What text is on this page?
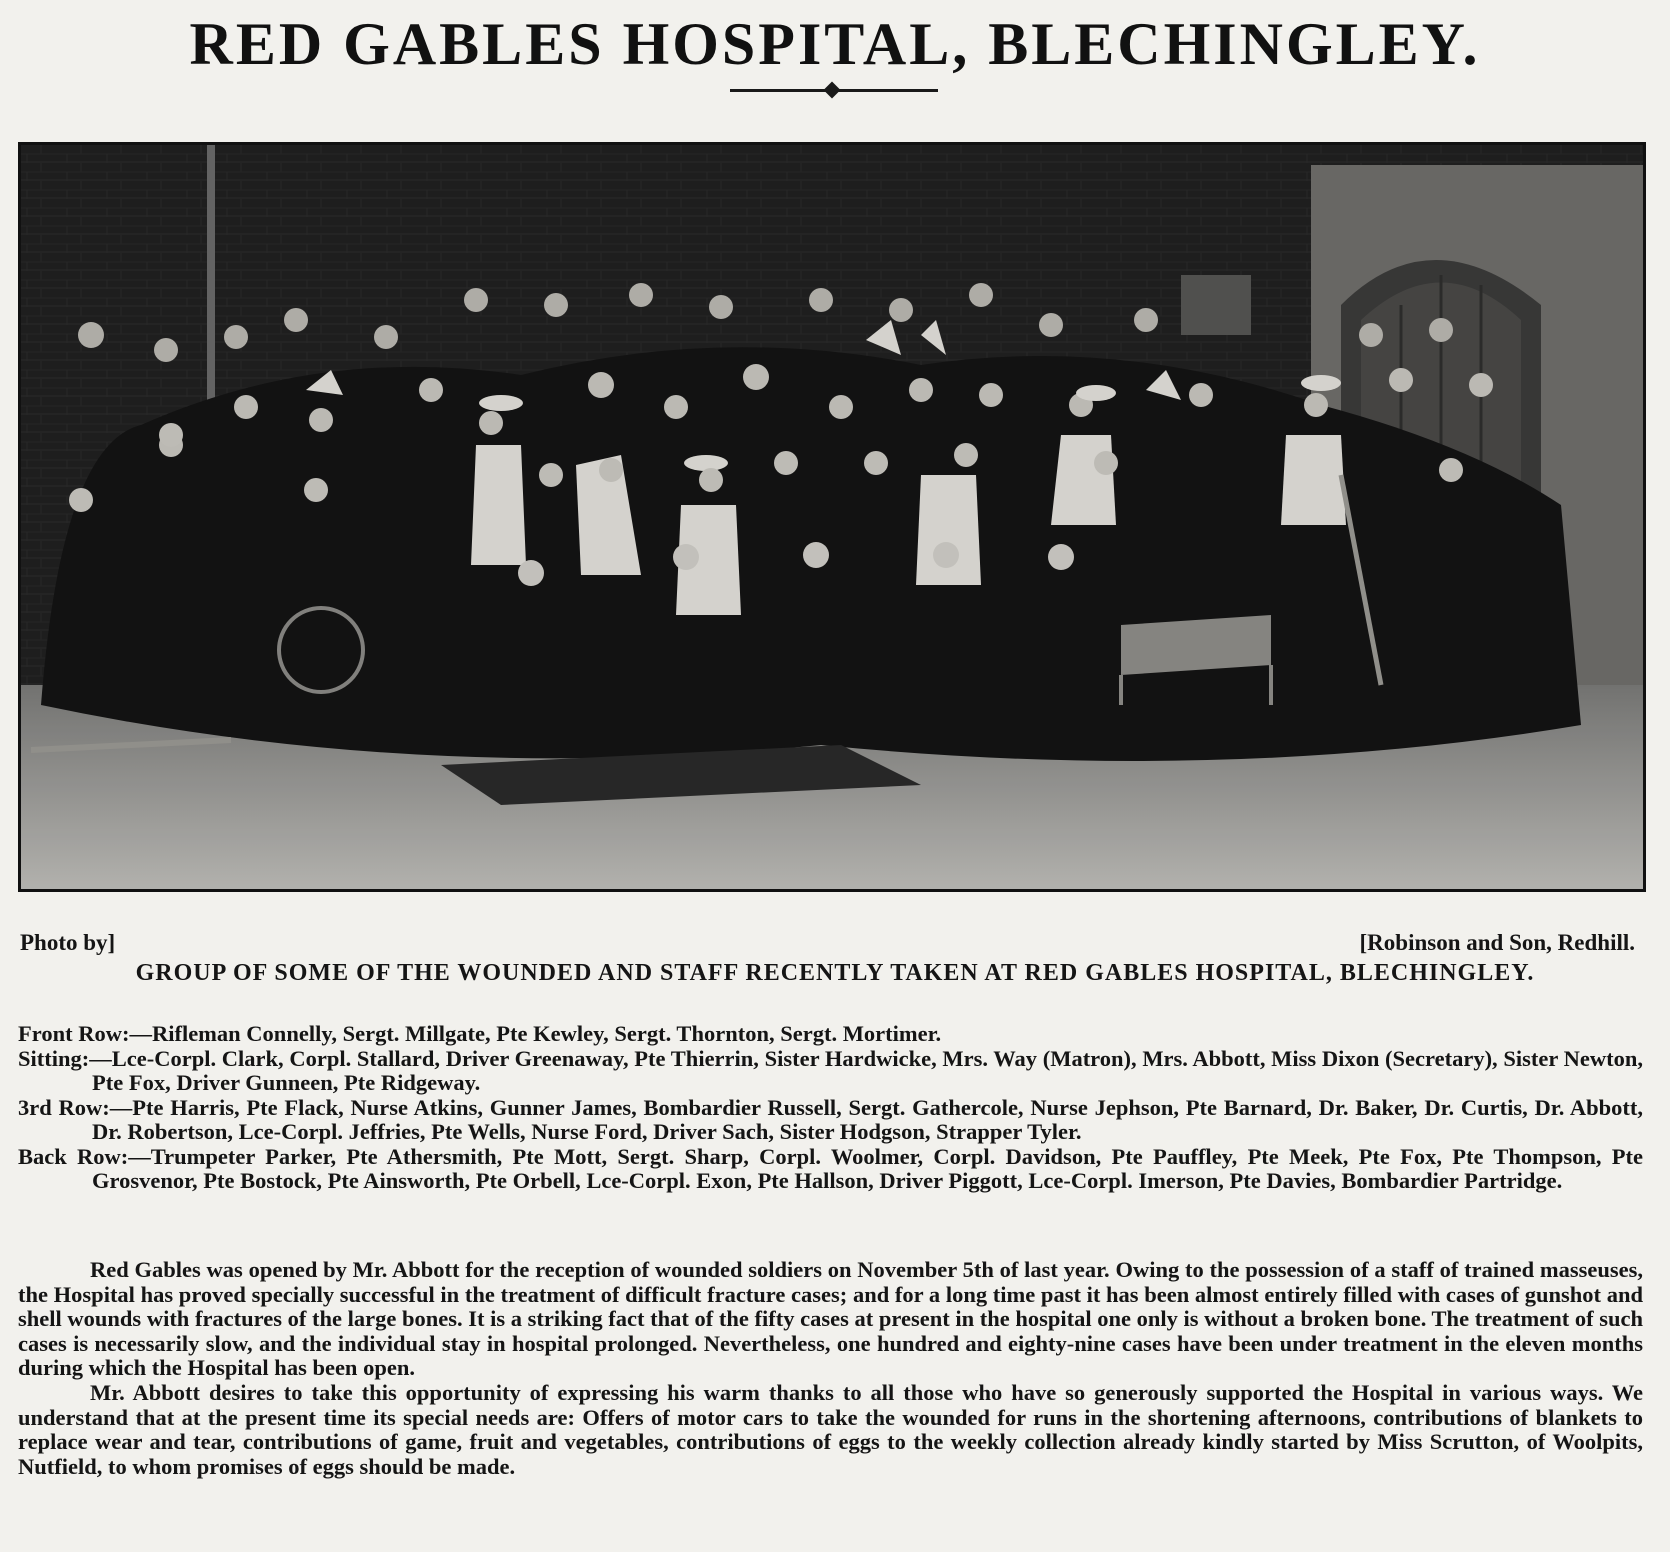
RED GABLES HOSPITAL, BLECHINGLEY.
Photo by]	[Robinson and Son, Redhill.
GROUP OF SOME OF THE WOUNDED AND STAFF RECENTLY TAKEN AT RED GABLES HOSPITAL, BLECHINGLEY.

Front Row:—Rifleman Connelly, Sergt. Millgate, Pte Kewley, Sergt. Thornton, Sergt. Mortimer.

Sitting:—Lce-Corpl. Clark, Corpl. Stallard, Driver Greenaway, Pte Thierrin, Sister Hardwicke, Mrs. Way (Matron), Mrs. Abbott, Miss Dixon (Secretary), Sister Newton, Pte Fox, Driver Gunneen, Pte Ridgeway.

3rd Row:—Pte Harris, Pte Flack, Nurse Atkins, Gunner James, Bombardier Russell, Sergt. Gathercole, Nurse Jephson, Pte Barnard, Dr. Baker, Dr. Curtis, Dr. Abbott, Dr. Robertson, Lce-Corpl. Jeffries, Pte Wells, Nurse Ford, Driver Sach, Sister Hodgson, Strapper Tyler.

Back Row:—Trumpeter Parker, Pte Athersmith, Pte Mott, Sergt. Sharp, Corpl. Woolmer, Corpl. Davidson, Pte Pauffley, Pte Meek, Pte Fox, Pte Thompson, Pte Grosvenor, Pte Bostock, Pte Ainsworth, Pte Orbell, Lce-Corpl. Exon, Pte Hallson, Driver Piggott, Lce-Corpl. Imerson, Pte Davies, Bombardier Partridge.

Red Gables was opened by Mr. Abbott for the reception of wounded soldiers on November 5th of last year. Owing to the possession of a staff of trained masseuses, the Hospital has proved specially successful in the treatment of difficult fracture cases; and for a long time past it has been almost entirely filled with cases of gunshot and shell wounds with fractures of the large bones. It is a striking fact that of the fifty cases at present in the hospital one only is without a broken bone. The treatment of such cases is necessarily slow, and the individual stay in hospital prolonged. Nevertheless, one hundred and eighty-nine cases have been under treatment in the eleven months during which the Hospital has been open.

Mr. Abbott desires to take this opportunity of expressing his warm thanks to all those who have so generously supported the Hospital in various ways. We understand that at the present time its special needs are: Offers of motor cars to take the wounded for runs in the shortening afternoons, contributions of blankets to replace wear and tear, contributions of game, fruit and vegetables, contributions of eggs to the weekly collection already kindly started by Miss Scrutton, of Woolpits, Nutfield, to whom promises of eggs should be made.
